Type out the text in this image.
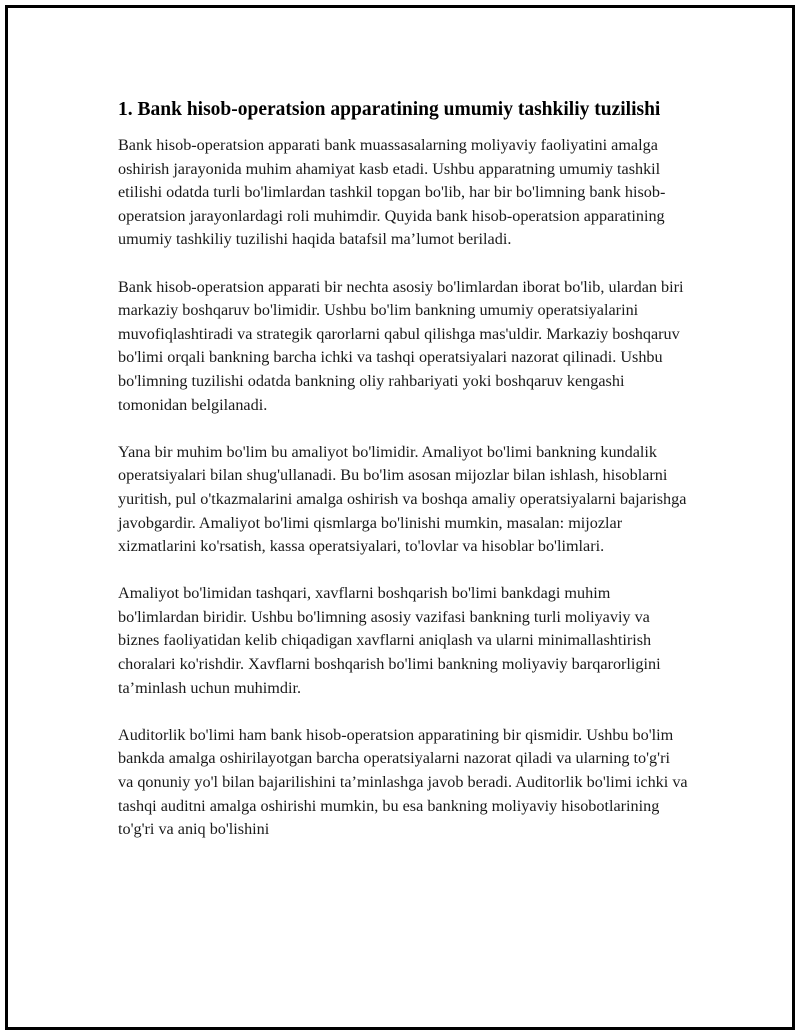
1. Bank hisob-operatsion apparatining umumiy tashkiliy tuzilishi

Bank hisob-operatsion apparati bank muassasalarning moliyaviy faoliyatini amalga oshirish jarayonida muhim ahamiyat kasb etadi. Ushbu apparatning umumiy tashkil etilishi odatda turli bo'limlardan tashkil topgan bo'lib, har bir bo'limning bank hisob-operatsion jarayonlardagi roli muhimdir. Quyida bank hisob-operatsion apparatining umumiy tashkiliy tuzilishi haqida batafsil ma’lumot beriladi.

Bank hisob-operatsion apparati bir nechta asosiy bo'limlardan iborat bo'lib, ulardan biri markaziy boshqaruv bo'limidir. Ushbu bo'lim bankning umumiy operatsiyalarini muvofiqlashtiradi va strategik qarorlarni qabul qilishga mas'uldir. Markaziy boshqaruv bo'limi orqali bankning barcha ichki va tashqi operatsiyalari nazorat qilinadi. Ushbu bo'limning tuzilishi odatda bankning oliy rahbariyati yoki boshqaruv kengashi tomonidan belgilanadi.

Yana bir muhim bo'lim bu amaliyot bo'limidir. Amaliyot bo'limi bankning kundalik operatsiyalari bilan shug'ullanadi. Bu bo'lim asosan mijozlar bilan ishlash, hisoblarni yuritish, pul o'tkazmalarini amalga oshirish va boshqa amaliy operatsiyalarni bajarishga javobgardir. Amaliyot bo'limi qismlarga bo'linishi mumkin, masalan: mijozlar xizmatlarini ko'rsatish, kassa operatsiyalari, to'lovlar va hisoblar bo'limlari.

Amaliyot bo'limidan tashqari, xavflarni boshqarish bo'limi bankdagi muhim bo'limlardan biridir. Ushbu bo'limning asosiy vazifasi bankning turli moliyaviy va biznes faoliyatidan kelib chiqadigan xavflarni aniqlash va ularni minimallashtirish choralari ko'rishdir. Xavflarni boshqarish bo'limi bankning moliyaviy barqarorligini ta’minlash uchun muhimdir.

Auditorlik bo'limi ham bank hisob-operatsion apparatining bir qismidir. Ushbu bo'lim bankda amalga oshirilayotgan barcha operatsiyalarni nazorat qiladi va ularning to'g'ri va qonuniy yo'l bilan bajarilishini ta’minlashga javob beradi. Auditorlik bo'limi ichki va tashqi auditni amalga oshirishi mumkin, bu esa bankning moliyaviy hisobotlarining to'g'ri va aniq bo'lishini
